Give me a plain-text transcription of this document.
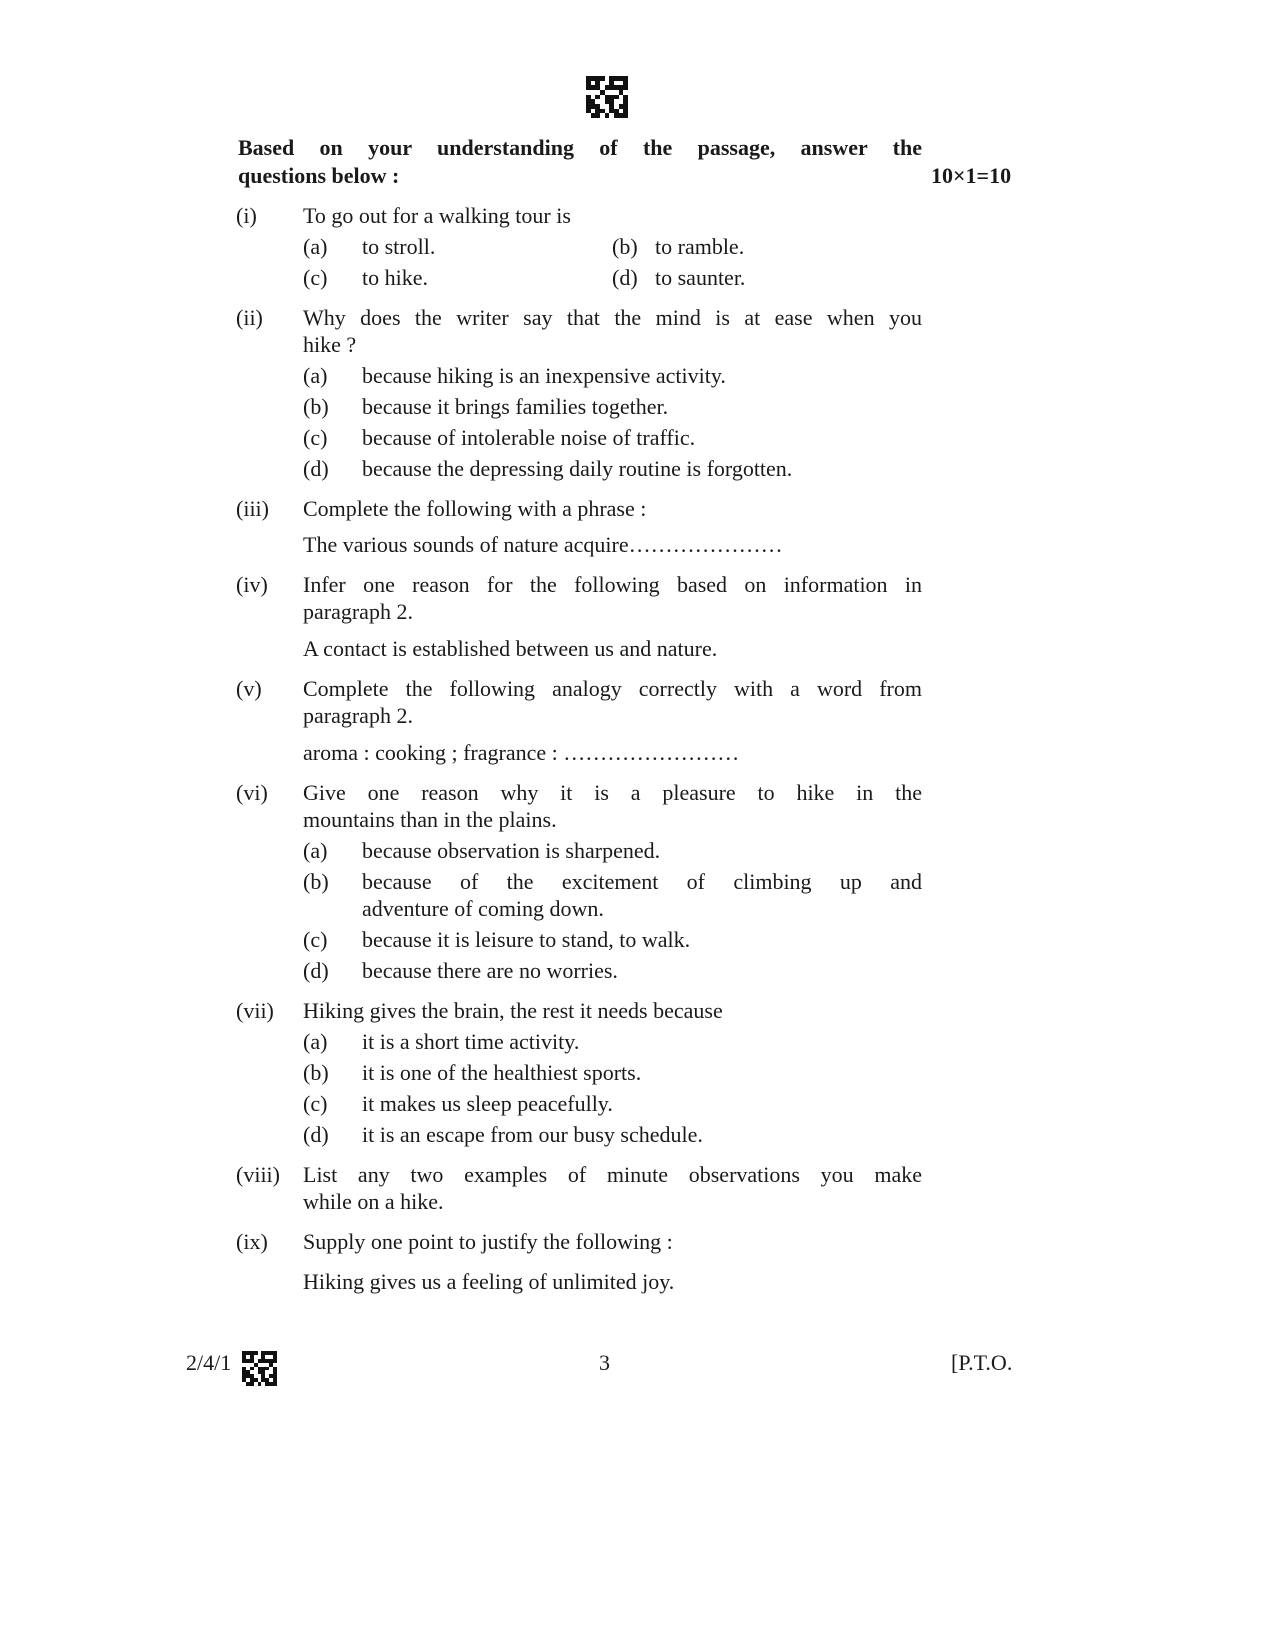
Based on your understanding of the passage, answer the
questions below :	10×1=10
(i) To go out for a walking tour is
(a) to stroll.	(b) to ramble.
(c) to hike.	(d) to saunter.
(ii) Why does the writer say that the mind is at ease when you
hike ?
(a) because hiking is an inexpensive activity.
(b) because it brings families together.
(c) because of intolerable noise of traffic.
(d) because the depressing daily routine is forgotten.
(iii) Complete the following with a phrase :
The various sounds of nature acquire…………………
(iv) Infer one reason for the following based on information in
paragraph 2.
A contact is established between us and nature.
(v) Complete the following analogy correctly with a word from
paragraph 2.
aroma : cooking ; fragrance : ……………………
(vi) Give one reason why it is a pleasure to hike in the
mountains than in the plains.
(a) because observation is sharpened.
(b) because of the excitement of climbing up and
adventure of coming down.
(c) because it is leisure to stand, to walk.
(d) because there are no worries.
(vii) Hiking gives the brain, the rest it needs because
(a) it is a short time activity.
(b) it is one of the healthiest sports.
(c) it makes us sleep peacefully.
(d) it is an escape from our busy schedule.
(viii) List any two examples of minute observations you make
while on a hike.
(ix) Supply one point to justify the following :
Hiking gives us a feeling of unlimited joy.
2/4/1	3	[P.T.O.
